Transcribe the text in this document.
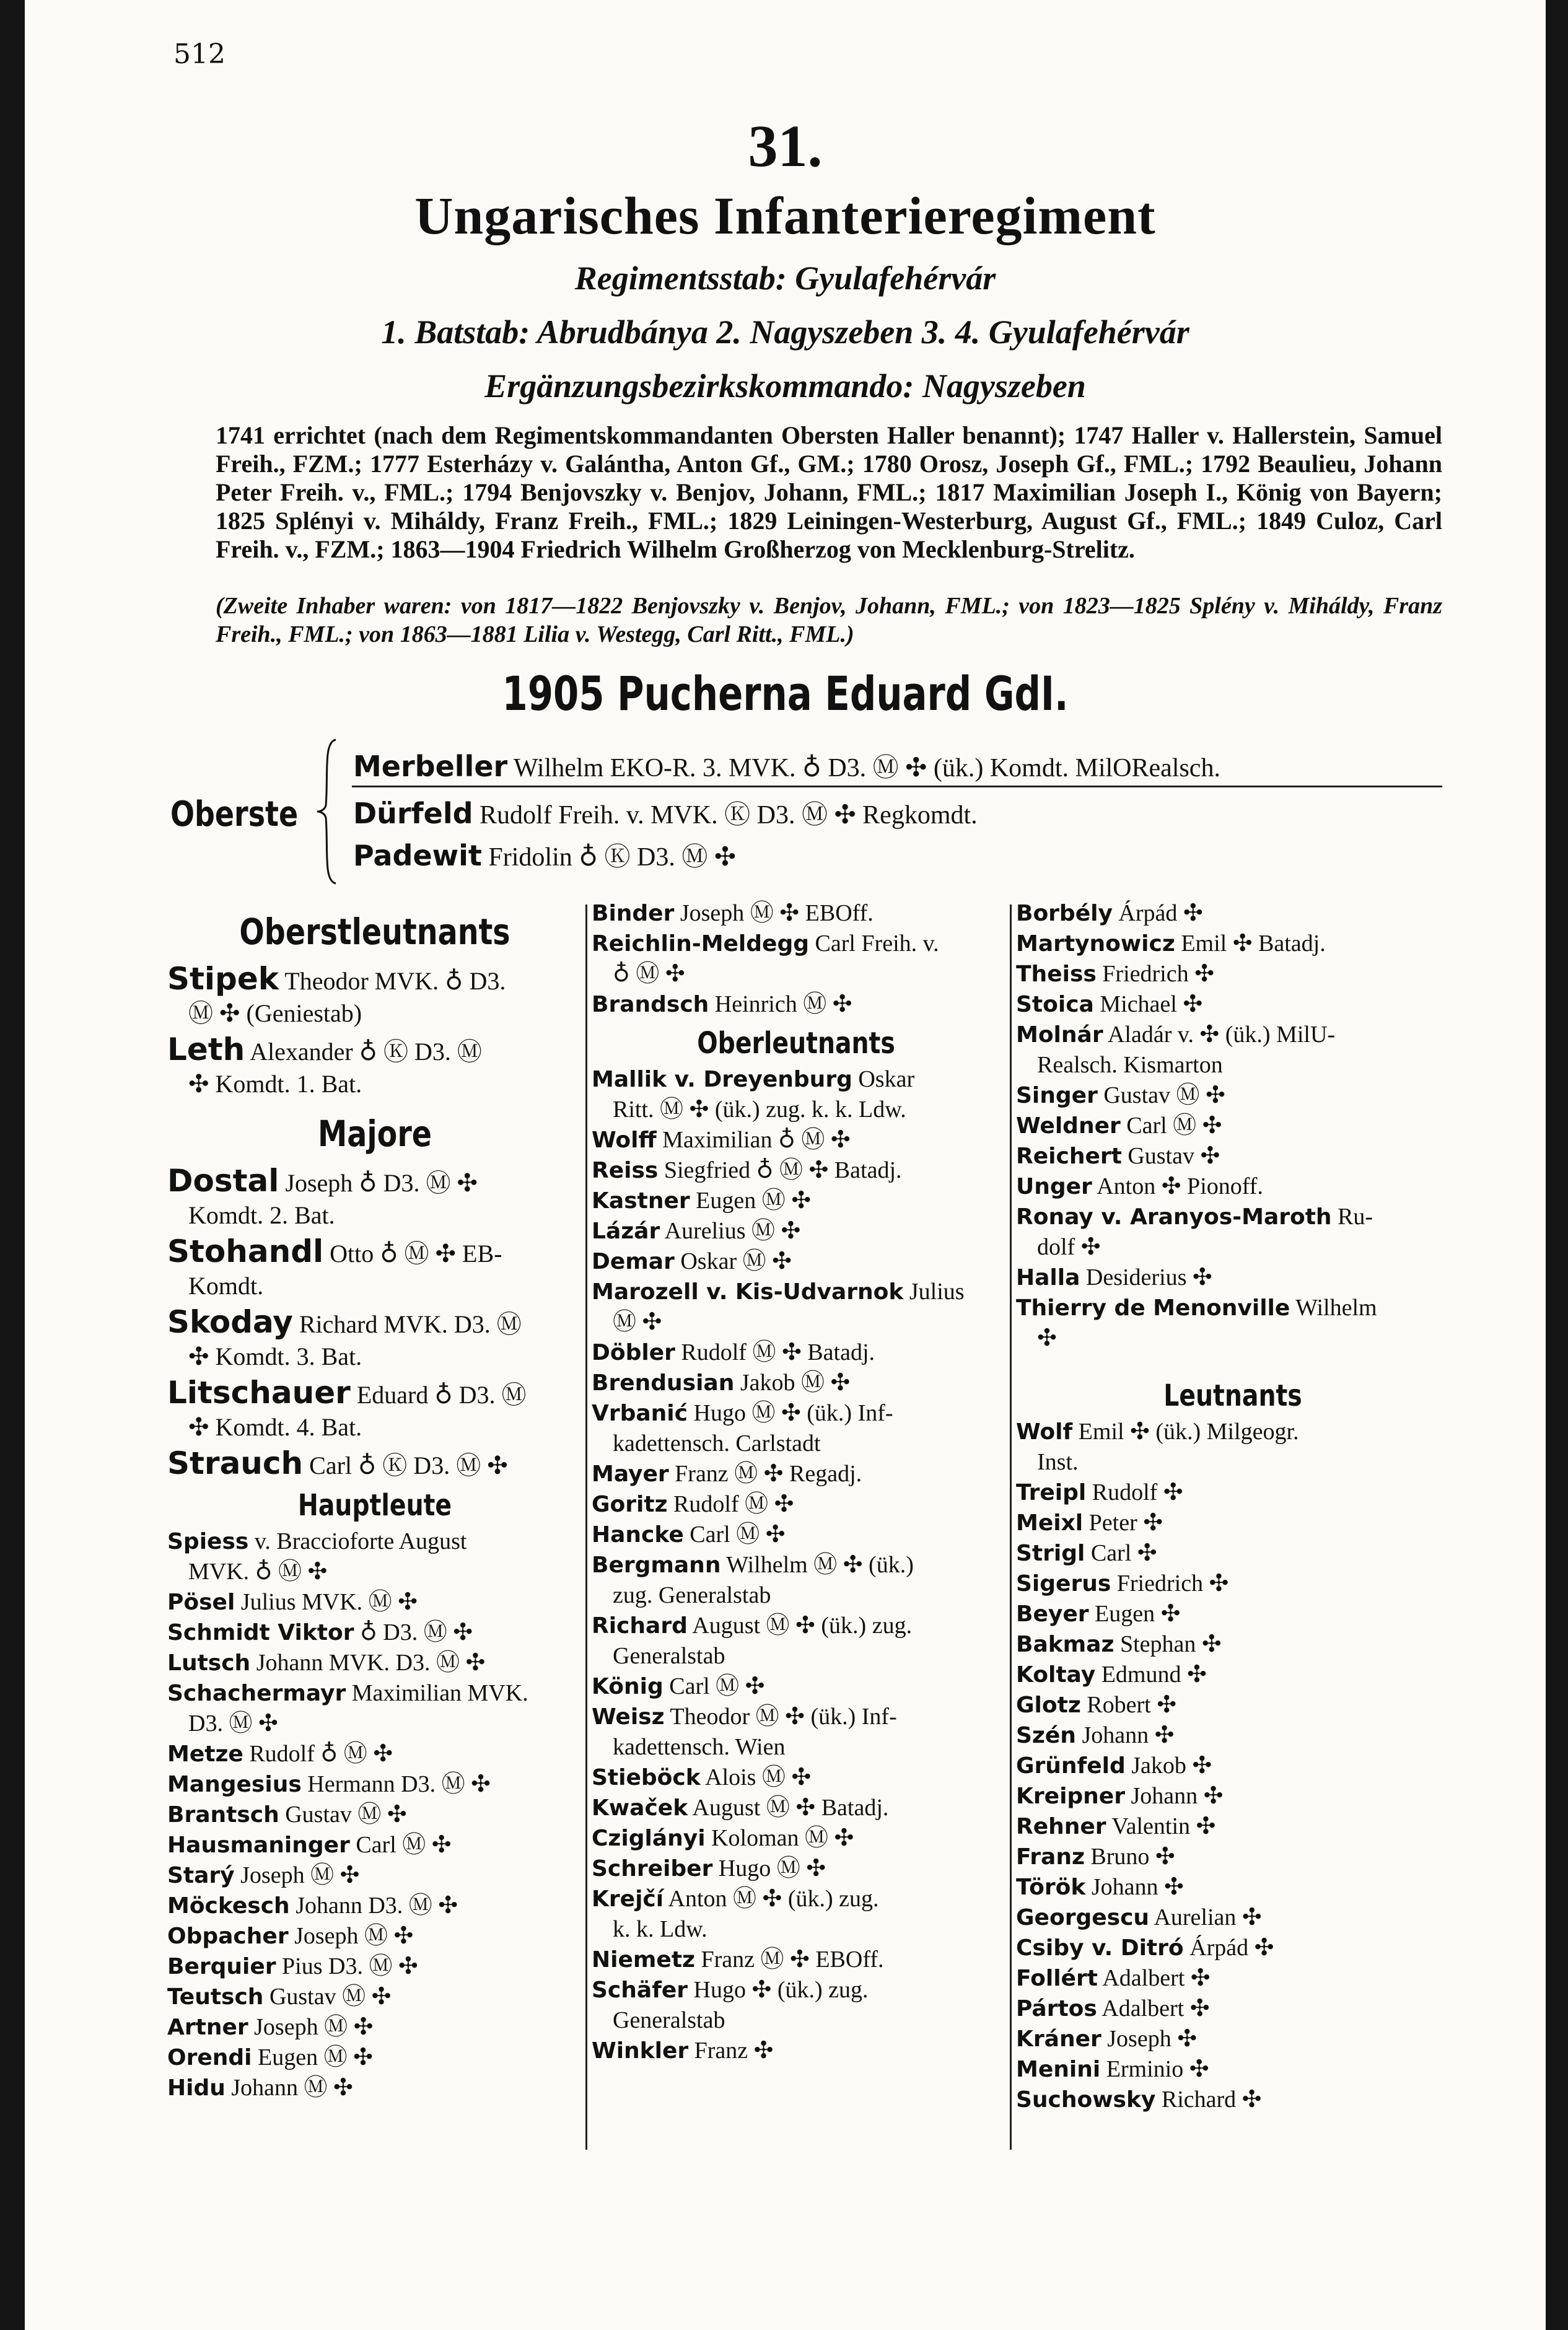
512
31.
Ungarisches Infanterieregiment
Regimentsstab: Gyulafehérvár
1. Batstab: Abrudbánya 2. Nagyszeben 3. 4. Gyulafehérvár
Ergänzungsbezirkskommando: Nagyszeben
1741 errichtet (nach dem Regimentskommandanten Obersten Haller benannt); 1747 Haller v. Hallerstein, Samuel Freih., FZM.; 1777 Esterházy v. Galántha, Anton Gf., GM.; 1780 Orosz, Joseph Gf., FML.; 1792 Beaulieu, Johann Peter Freih. v., FML.; 1794 Benjovszky v. Benjov, Johann, FML.; 1817 Maximilian Joseph I., König von Bayern; 1825 Splényi v. Miháldy, Franz Freih., FML.; 1829 Leiningen-Westerburg, August Gf., FML.; 1849 Culoz, Carl Freih. v., FZM.; 1863—1904 Friedrich Wilhelm Großherzog von Mecklenburg-Strelitz.
(Zweite Inhaber waren: von 1817—1822 Benjovszky v. Benjov, Johann, FML.; von 1823—1825 Splény v. Miháldy, Franz Freih., FML.; von 1863—1881 Lilia v. Westegg, Carl Ritt., FML.)
1905 Pucherna Eduard GdI.
Oberste
Merbeller Wilhelm EKO-R. 3. MVK. ♁ D3. Ⓜ ✣ (ük.) Komdt. MilORealsch.
Dürfeld Rudolf Freih. v. MVK. Ⓚ D3. Ⓜ ✣ Regkomdt.
Padewit Fridolin ♁ Ⓚ D3. Ⓜ ✣
Oberstleutnants
Stipek Theodor MVK. ♁ D3.
Ⓜ ✣ (Geniestab)
Leth Alexander ♁ Ⓚ D3. Ⓜ
✣ Komdt. 1. Bat.
Majore
Dostal Joseph ♁ D3. Ⓜ ✣
Komdt. 2. Bat.
Stohandl Otto ♁ Ⓜ ✣ EB-
Komdt.
Skoday Richard MVK. D3. Ⓜ
✣ Komdt. 3. Bat.
Litschauer Eduard ♁ D3. Ⓜ
✣ Komdt. 4. Bat.
Strauch Carl ♁ Ⓚ D3. Ⓜ ✣
Hauptleute
Spiess v. Braccioforte August
MVK. ♁ Ⓜ ✣
Pösel Julius MVK. Ⓜ ✣
Schmidt Viktor ♁ D3. Ⓜ ✣
Lutsch Johann MVK. D3. Ⓜ ✣
Schachermayr Maximilian MVK.
D3. Ⓜ ✣
Metze Rudolf ♁ Ⓜ ✣
Mangesius Hermann D3. Ⓜ ✣
Brantsch Gustav Ⓜ ✣
Hausmaninger Carl Ⓜ ✣
Starý Joseph Ⓜ ✣
Möckesch Johann D3. Ⓜ ✣
Obpacher Joseph Ⓜ ✣
Berquier Pius D3. Ⓜ ✣
Teutsch Gustav Ⓜ ✣
Artner Joseph Ⓜ ✣
Orendi Eugen Ⓜ ✣
Hidu Johann Ⓜ ✣
Binder Joseph Ⓜ ✣ EBOff.
Reichlin-Meldegg Carl Freih. v.
♁ Ⓜ ✣
Brandsch Heinrich Ⓜ ✣
Oberleutnants
Mallik v. Dreyenburg Oskar
Ritt. Ⓜ ✣ (ük.) zug. k. k. Ldw.
Wolff Maximilian ♁ Ⓜ ✣
Reiss Siegfried ♁ Ⓜ ✣ Batadj.
Kastner Eugen Ⓜ ✣
Lázár Aurelius Ⓜ ✣
Demar Oskar Ⓜ ✣
Marozell v. Kis-Udvarnok Julius
Ⓜ ✣
Döbler Rudolf Ⓜ ✣ Batadj.
Brendusian Jakob Ⓜ ✣
Vrbanić Hugo Ⓜ ✣ (ük.) Inf-
kadettensch. Carlstadt
Mayer Franz Ⓜ ✣ Regadj.
Goritz Rudolf Ⓜ ✣
Hancke Carl Ⓜ ✣
Bergmann Wilhelm Ⓜ ✣ (ük.)
zug. Generalstab
Richard August Ⓜ ✣ (ük.) zug.
Generalstab
König Carl Ⓜ ✣
Weisz Theodor Ⓜ ✣ (ük.) Inf-
kadettensch. Wien
Stieböck Alois Ⓜ ✣
Kwaček August Ⓜ ✣ Batadj.
Cziglányi Koloman Ⓜ ✣
Schreiber Hugo Ⓜ ✣
Krejčí Anton Ⓜ ✣ (ük.) zug.
k. k. Ldw.
Niemetz Franz Ⓜ ✣ EBOff.
Schäfer Hugo ✣ (ük.) zug.
Generalstab
Winkler Franz ✣
Borbély Árpád ✣
Martynowicz Emil ✣ Batadj.
Theiss Friedrich ✣
Stoica Michael ✣
Molnár Aladár v. ✣ (ük.) MilU-
Realsch. Kismarton
Singer Gustav Ⓜ ✣
Weldner Carl Ⓜ ✣
Reichert Gustav ✣
Unger Anton ✣ Pionoff.
Ronay v. Aranyos-Maroth Ru-
dolf ✣
Halla Desiderius ✣
Thierry de Menonville Wilhelm
✣
Leutnants
Wolf Emil ✣ (ük.) Milgeogr.
Inst.
Treipl Rudolf ✣
Meixl Peter ✣
Strigl Carl ✣
Sigerus Friedrich ✣
Beyer Eugen ✣
Bakmaz Stephan ✣
Koltay Edmund ✣
Glotz Robert ✣
Szén Johann ✣
Grünfeld Jakob ✣
Kreipner Johann ✣
Rehner Valentin ✣
Franz Bruno ✣
Török Johann ✣
Georgescu Aurelian ✣
Csiby v. Ditró Árpád ✣
Follért Adalbert ✣
Pártos Adalbert ✣
Kráner Joseph ✣
Menini Erminio ✣
Suchowsky Richard ✣
